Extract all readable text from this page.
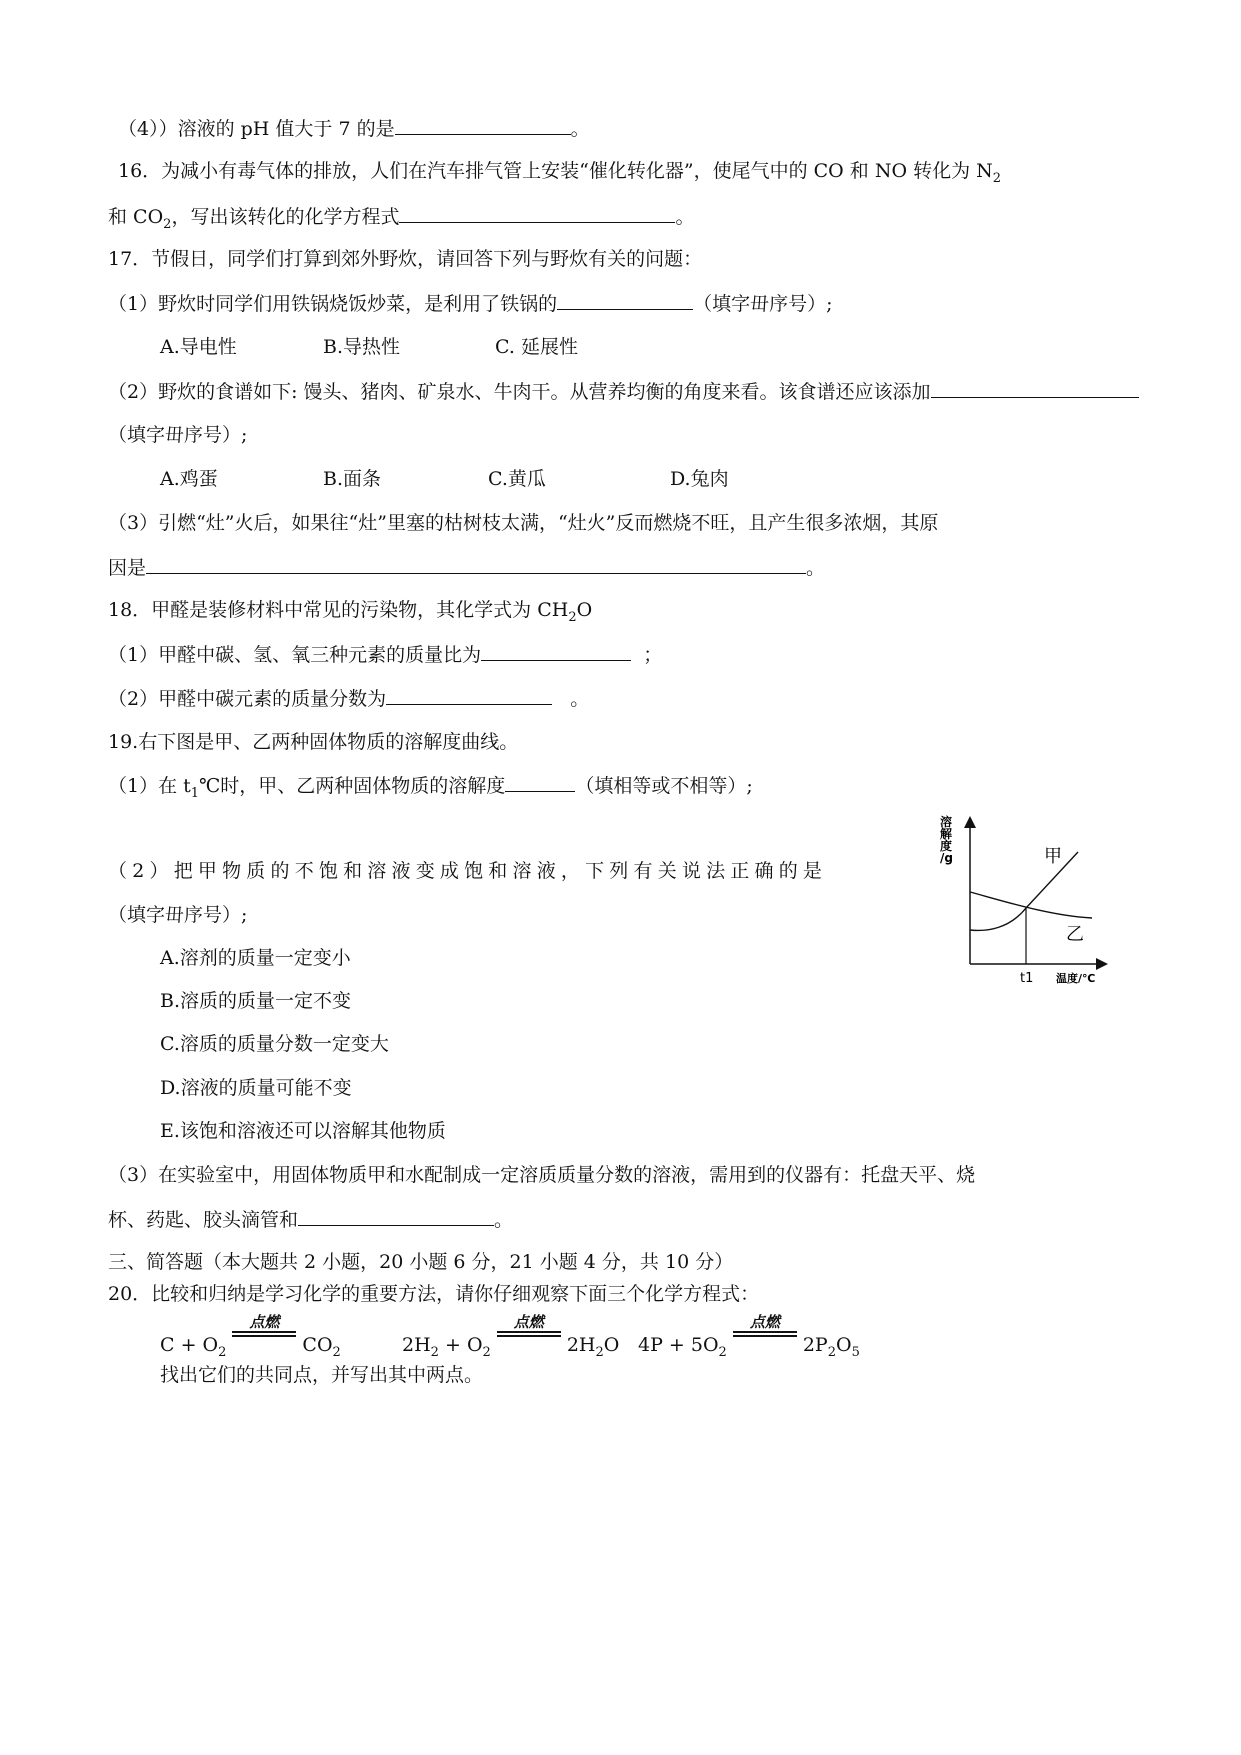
（4））溶液的 pH 值大于 7 的是	。
16．为减小有毒气体的排放，人们在汽车排气管上安装“催化转化器”，使尾气中的 CO 和 NO 转化为 $N_2$
和 $CO_2$，写出该转化的化学方程式	。
17．节假日，同学们打算到郊外野炊，请回答下列与野炊有关的问题：
（1）野炊时同学们用铁锅烧饭炒菜，是利用了铁锅的	（填字毌序号）;
A.导电性	B.导热性	C. 延展性
（2）野炊的食谱如下: 馒头、猪肉、矿泉水、牛肉干。从营养均衡的角度来看。该食谱还应该添加
（填字毌序号）;
A.鸡蛋	B.面条	C.黄瓜	D.兔肉
（3）引燃“灶”火后，如果往“灶”里塞的枯树枝太满，“灶火”反而燃烧不旺，且产生很多浓烟，其原
因是	。
18．甲醛是装修材料中常见的污染物，其化学式为 $CH_2O$
（1）甲醛中碳、氢、氧三种元素的质量比为	；
（2）甲醛中碳元素的质量分数为	。
19.右下图是甲、乙两种固体物质的溶解度曲线。
（1）在 $t_1℃$时，甲、乙两种固体物质的溶解度	（填相等或不相等）;
（2）把甲物质的不饱和溶液变成饱和溶液，下列有关说法正确的是
（填字毌序号）;
A.溶剂的质量一定变小
B.溶质的质量一定不变
C.溶质的质量分数一定变大
D.溶液的质量可能不变
E.该饱和溶液还可以溶解其他物质
（3）在实验室中，用固体物质甲和水配制成一定溶质质量分数的溶液，需用到的仪器有：托盘天平、烧
杯、药匙、胶头滴管和	。
溶解度/g	甲
乙
t1 温度/℃
三、简答题（本大题共 2 小题，20 小题 6 分，21 小题 4 分，共 10 分）
20．比较和归纳是学习化学的重要方法，请你仔细观察下面三个化学方程式：
$C + O_2$
点燃
$CO_2$	$2H_2 + O_2$
点燃
$2H_2O$ $4P + 5O_2$
点燃
$2P_2O_5$
找出它们的共同点，并写出其中两点。
